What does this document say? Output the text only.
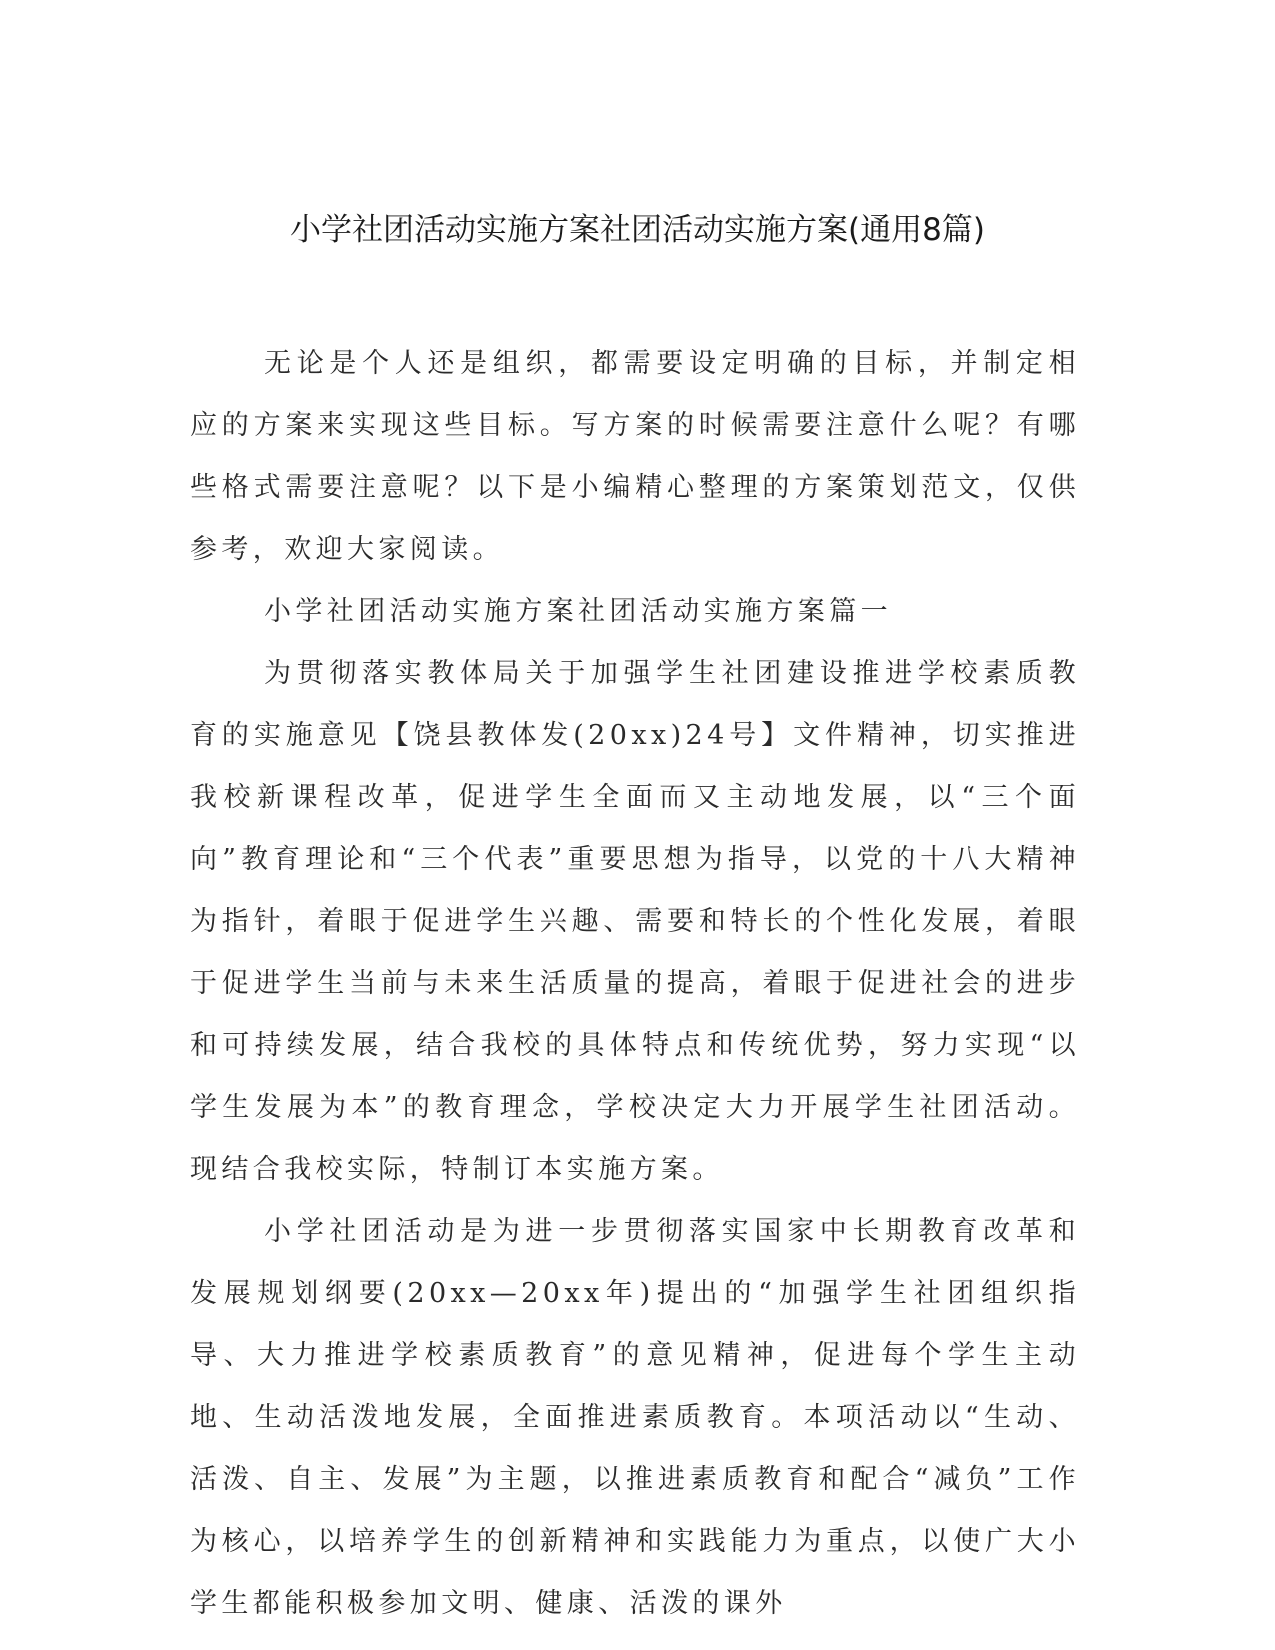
小学社团活动实施方案社团活动实施方案(通用8篇)

无论是个人还是组织，都需要设定明确的目标，并制定相应的方案来实现这些目标。写方案的时候需要注意什么呢？有哪些格式需要注意呢？以下是小编精心整理的方案策划范文，仅供参考，欢迎大家阅读。

小学社团活动实施方案社团活动实施方案篇一

为贯彻落实教体局关于加强学生社团建设推进学校素质教育的实施意见【饶县教体发(20xx)24号】文件精神，切实推进我校新课程改革，促进学生全面而又主动地发展，以“三个面向”教育理论和“三个代表”重要思想为指导，以党的十八大精神为指针，着眼于促进学生兴趣、需要和特长的个性化发展，着眼于促进学生当前与未来生活质量的提高，着眼于促进社会的进步和可持续发展，结合我校的具体特点和传统优势，努力实现“以学生发展为本”的教育理念，学校决定大力开展学生社团活动。现结合我校实际，特制订本实施方案。

小学社团活动是为进一步贯彻落实国家中长期教育改革和发展规划纲要(20xx—20xx年)提出的“加强学生社团组织指导、大力推进学校素质教育”的意见精神，促进每个学生主动地、生动活泼地发展，全面推进素质教育。本项活动以“生动、活泼、自主、发展”为主题，以推进素质教育和配合“减负”工作为核心，以培养学生的创新精神和实践能力为重点，以使广大小学生都能积极参加文明、健康、活泼的课外
